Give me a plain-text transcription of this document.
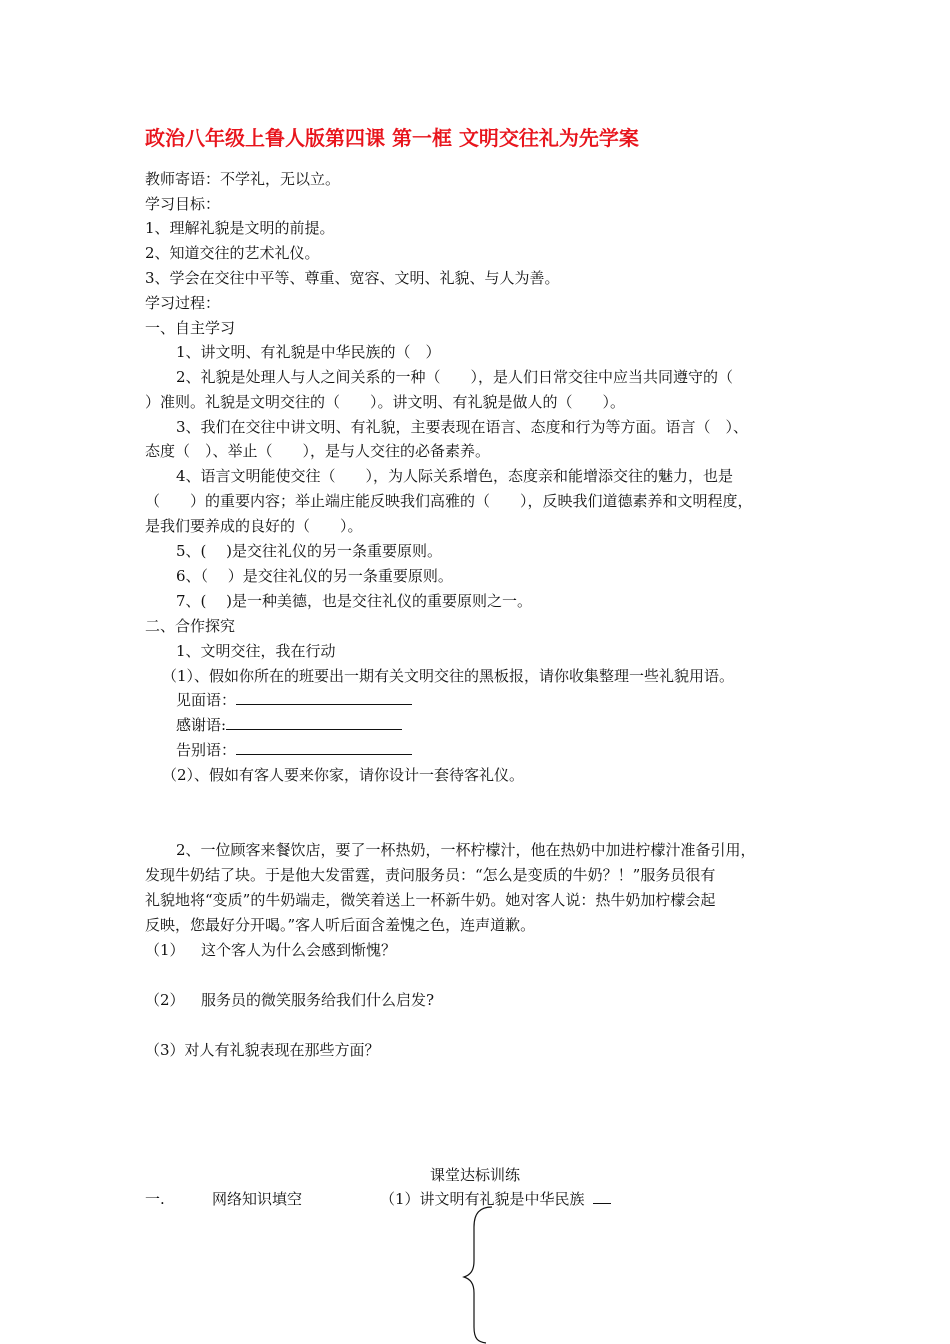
政治八年级上鲁人版第四课 第一框 文明交往礼为先学案
教师寄语：不学礼，无以立。
学习目标：
1、理解礼貌是文明的前提。
2、知道交往的艺术礼仪。
3、学会在交往中平等、尊重、宽容、文明、礼貌、与人为善。
学习过程：
一、自主学习
1、讲文明、有礼貌是中华民族的（　）
2、礼貌是处理人与人之间关系的一种（　　），是人们日常交往中应当共同遵守的（
）准则。礼貌是文明交往的（　　）。讲文明、有礼貌是做人的（　　）。
3、我们在交往中讲文明、有礼貌，主要表现在语言、态度和行为等方面。语言（　）、
态度（　）、举止（　　），是与人交往的必备素养。
4、语言文明能使交往（　　），为人际关系增色，态度亲和能增添交往的魅力，也是
（　　）的重要内容；举止端庄能反映我们高雅的（　　），反映我们道德素养和文明程度，
是我们要养成的良好的（　　）。
5、(　 )是交往礼仪的另一条重要原则。
6、（　 ）是交往礼仪的另一条重要原则。
7、(　 )是一种美德，也是交往礼仪的重要原则之一。
二、合作探究
1、文明交往，我在行动
（1）、假如你所在的班要出一期有关文明交往的黑板报，请你收集整理一些礼貌用语。
见面语：
感谢语:
告别语：
（2）、假如有客人要来你家，请你设计一套待客礼仪。
2、一位顾客来餐饮店，要了一杯热奶，一杯柠檬汁，他在热奶中加进柠檬汁准备引用，
发现牛奶结了块。于是他大发雷霆，责问服务员：“怎么是变质的牛奶？！”服务员很有
礼貌地将“变质”的牛奶端走，微笑着送上一杯新牛奶。她对客人说：热牛奶加柠檬会起
反映，您最好分开喝。”客人听后面含羞愧之色，连声道歉。
（1） 这个客人为什么会感到惭愧？
（2） 服务员的微笑服务给我们什么启发?
（3）对人有礼貌表现在那些方面？
课堂达标训练
一.	网络知识填空	（1）讲文明有礼貌是中华民族
